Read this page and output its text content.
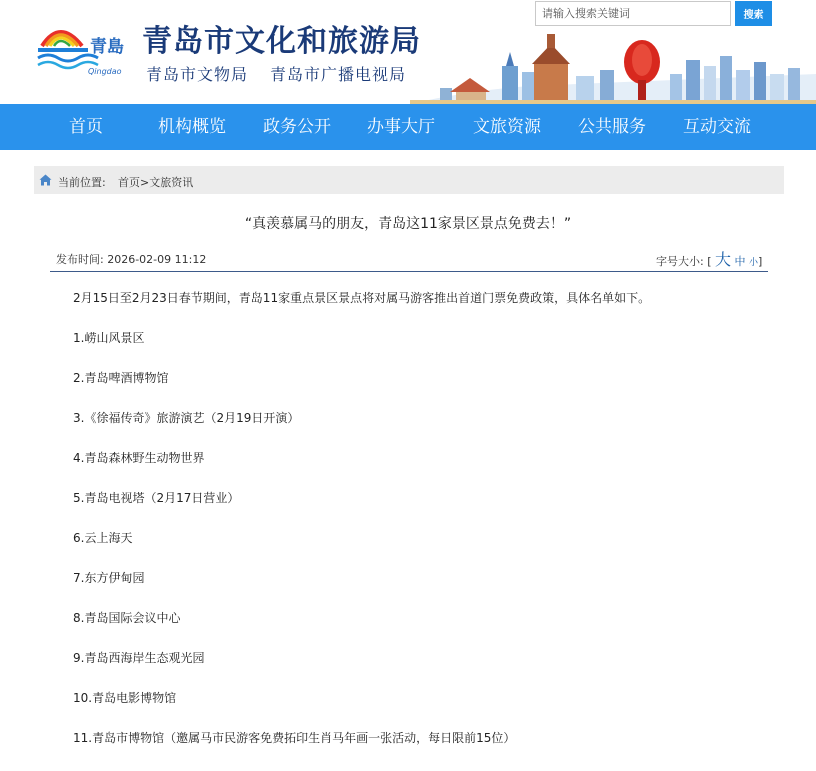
青島
Qingdao
青岛市文化和旅游局
青岛市文物局 青岛市广播电视局
请输入搜索关键词
搜索
首页	机构概览	政务公开	办事大厅	文旅资源	公共服务	互动交流
当前位置: 首页>文旅资讯
“真羡慕属马的朋友，青岛这11家景区景点免费去！”
发布时间: 2026-02-09 11:12	字号大小: [ 大 中 小]

2月15日至2月23日春节期间，青岛11家重点景区景点将对属马游客推出首道门票免费政策，具体名单如下。

1.崂山风景区

2.青岛啤酒博物馆

3.《徐福传奇》旅游演艺（2月19日开演）

4.青岛森林野生动物世界

5.青岛电视塔（2月17日营业）

6.云上海天

7.东方伊甸园

8.青岛国际会议中心

9.青岛西海岸生态观光园

10.青岛电影博物馆

11.青岛市博物馆（邀属马市民游客免费拓印生肖马年画一张活动，每日限前15位）
